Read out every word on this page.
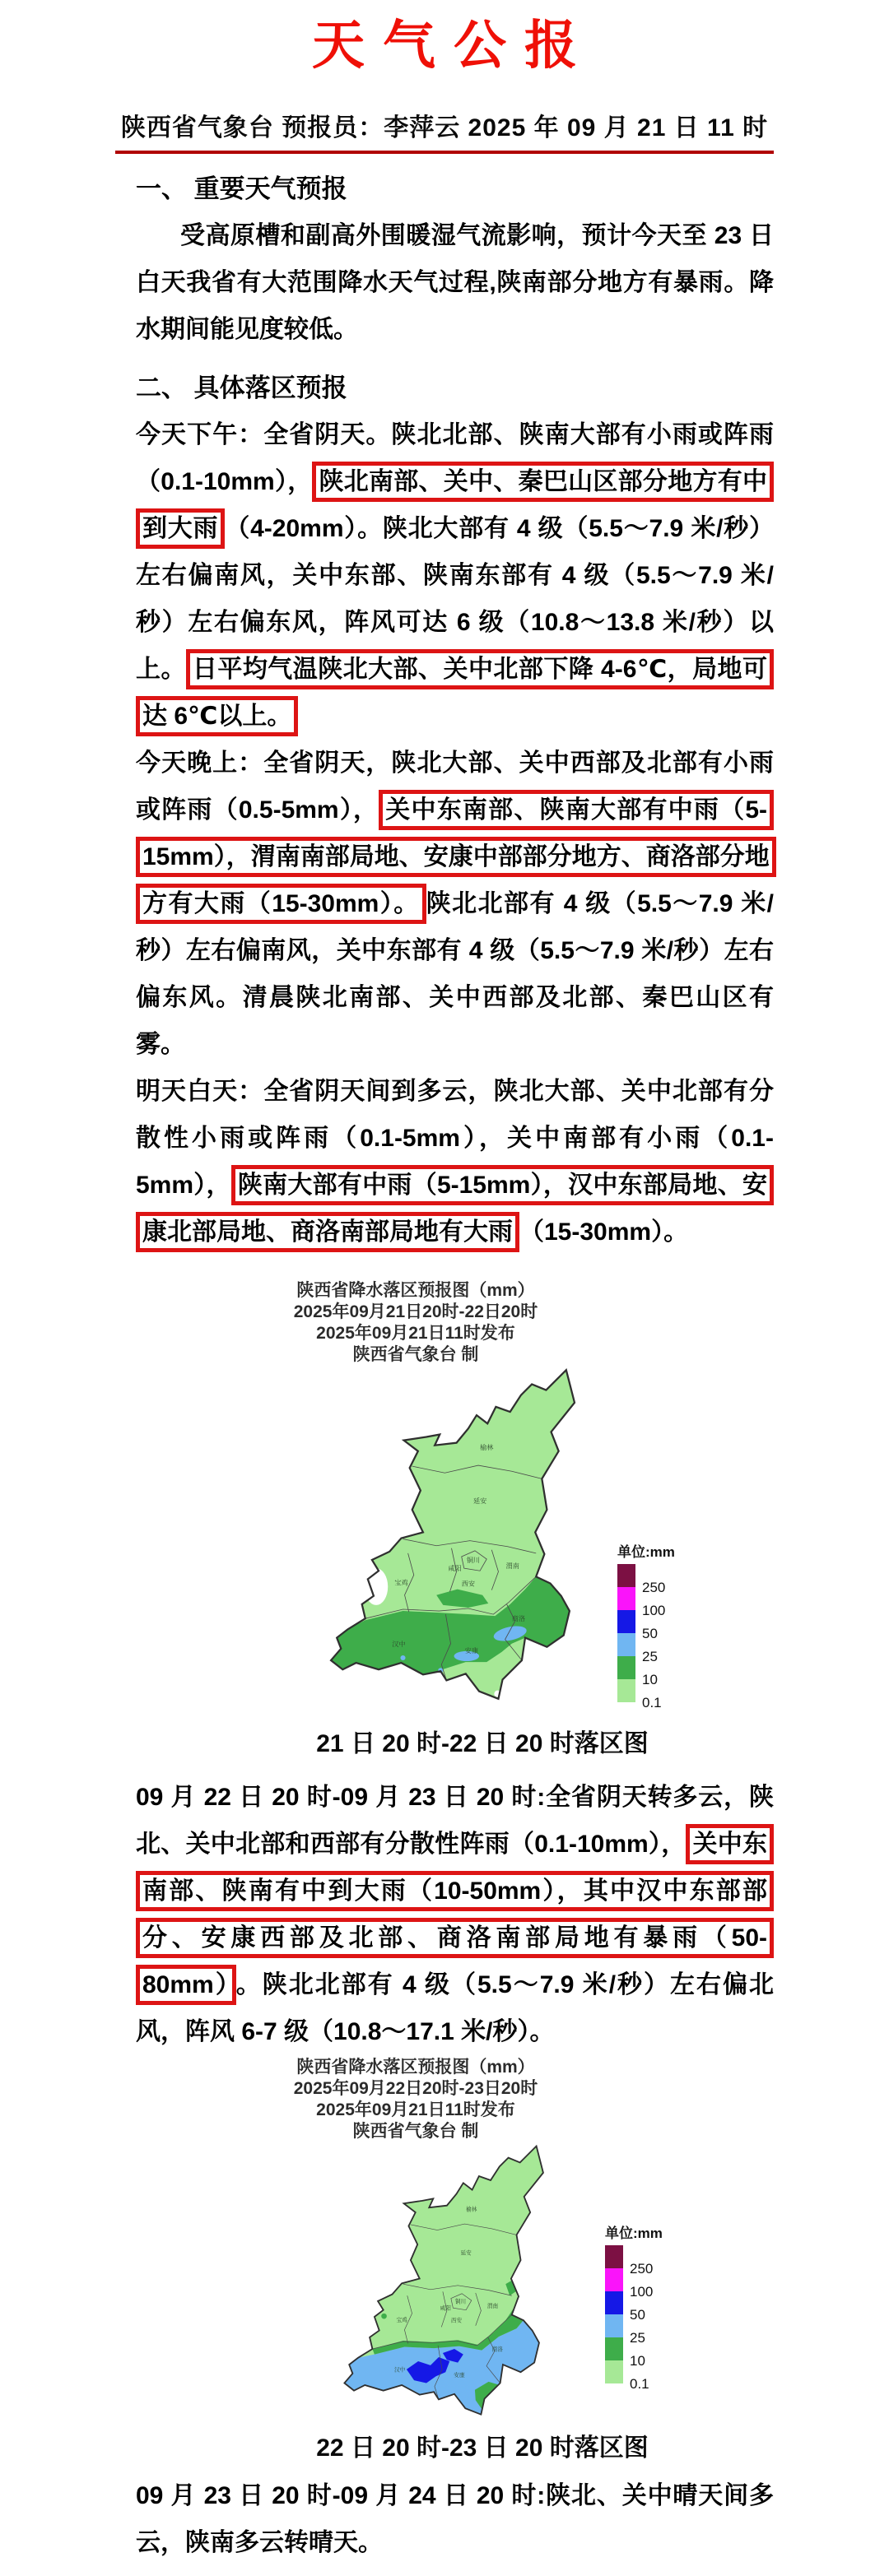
天气公报
陕西省气象台 预报员：李萍云 2025 年 09 月 21 日 11 时
一、 重要天气预报

受高原槽和副高外围暖湿气流影响，预计今天至 23 日白天我省有大范围降水天气过程,陕南部分地方有暴雨。降水期间能见度较低。

二、 具体落区预报

今天下午：全省阴天。陕北北部、陕南大部有小雨或阵雨（0.1-10mm）， 陕北南部、关中、秦巴山区部分地方有中到大雨 （4-20mm）。陕北大部有 4 级（5.5～7.9 米/秒）左右偏南风，关中东部、陕南东部有 4 级（5.5～7.9 米/秒）左右偏东风，阵风可达 6 级（10.8～13.8 米/秒）以上。 日平均气温陕北大部、关中北部下降 4-6℃，局地可达 6℃以上。

今天晚上：全省阴天，陕北大部、关中西部及北部有小雨或阵雨（0.5-5mm）， 关中东南部、陕南大部有中雨（5-15mm），渭南南部局地、安康中部部分地方、商洛部分地方有大雨（15-30mm）。 陕北北部有 4 级（5.5～7.9 米/秒）左右偏南风，关中东部有 4 级（5.5～7.9 米/秒）左右偏东风。清晨陕北南部、关中西部及北部、秦巴山区有雾。

明天白天：全省阴天间到多云，陕北大部、关中北部有分散性小雨或阵雨（0.1-5mm），关中南部有小雨（0.1-5mm）， 陕南大部有中雨（5-15mm），汉中东部局地、安康北部局地、商洛南部局地有大雨 （15-30mm）。

陕西省降水落区预报图（mm）
2025年09月21日20时-22日20时
2025年09月21日11时发布
陕西省气象台 制
榆林
延安
铜川
渭南
咸阳
宝鸡	西安
商洛
汉中
安康
单位:mm
250
100
50
25
10
0.1
21 日 20 时-22 日 20 时落区图

09 月 22 日 20 时-09 月 23 日 20 时:全省阴天转多云，陕北、关中北部和西部有分散性阵雨（0.1-10mm）， 关中东南部、陕南有中到大雨（10-50mm），其中汉中东部部分、安康西部及北部、商洛南部局地有暴雨（50-80mm） 。陕北北部有 4 级（5.5～7.9 米/秒）左右偏北风，阵风 6-7 级（10.8～17.1 米/秒）。

陕西省降水落区预报图（mm）
2025年09月22日20时-23日20时
2025年09月21日11时发布
陕西省气象台 制
榆林
延安
铜川
渭南
咸阳
宝鸡	西安
商洛
汉中
安康
单位:mm
250
100
50
25
10
0.1
22 日 20 时-23 日 20 时落区图

09 月 23 日 20 时-09 月 24 日 20 时:陕北、关中晴天间多云，陕南多云转晴天。
